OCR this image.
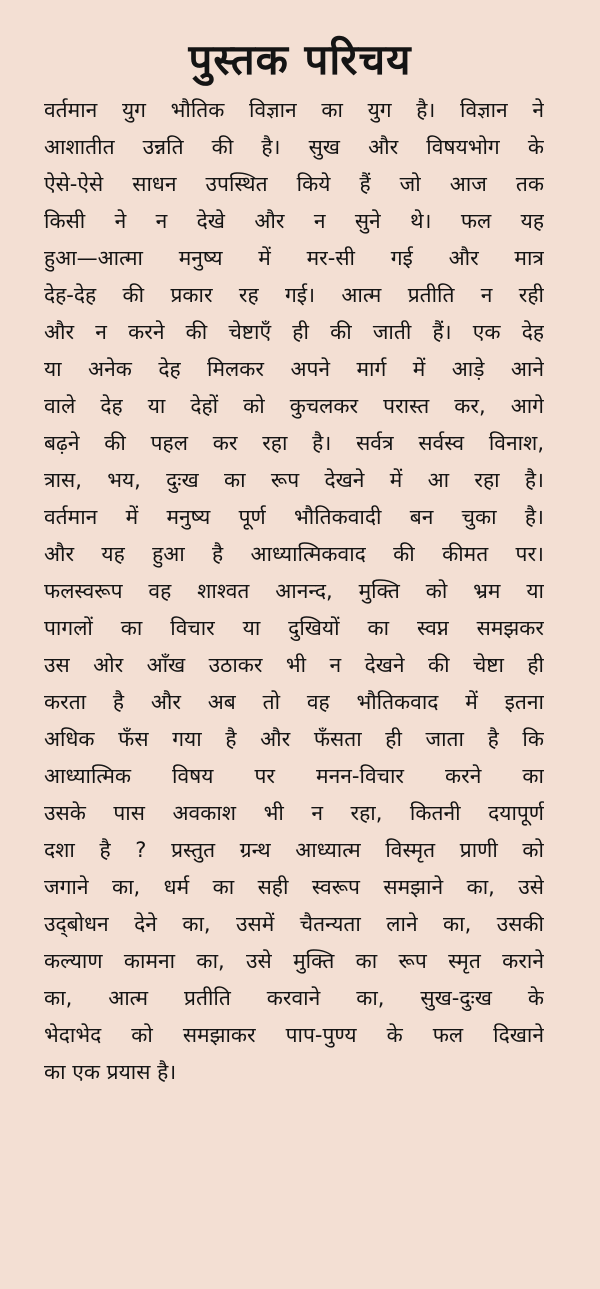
पुस्तक परिचय
वर्तमान युग भौतिक विज्ञान का युग है। विज्ञान ने
आशातीत उन्नति की है। सुख और विषयभोग के
ऐसे-ऐसे साधन उपस्थित किये हैं जो आज तक
किसी ने न देखे और न सुने थे। फल यह
हुआ—आत्मा मनुष्य में मर-सी गई और मात्र
देह-देह की प्रकार रह गई। आत्म प्रतीति न रही
और न करने की चेष्टाएँ ही की जाती हैं। एक देह
या अनेक देह मिलकर अपने मार्ग में आड़े आने
वाले देह या देहों को कुचलकर परास्त कर, आगे
बढ़ने की पहल कर रहा है। सर्वत्र सर्वस्व विनाश,
त्रास, भय, दुःख का रूप देखने में आ रहा है।
वर्तमान में मनुष्य पूर्ण भौतिकवादी बन चुका है।
और यह हुआ है आध्यात्मिकवाद की कीमत पर।
फलस्वरूप वह शाश्वत आनन्द, मुक्ति को भ्रम या
पागलों का विचार या दुखियों का स्वप्न समझकर
उस ओर आँख उठाकर भी न देखने की चेष्टा ही
करता है और अब तो वह भौतिकवाद में इतना
अधिक फँस गया है और फँसता ही जाता है कि
आध्यात्मिक विषय पर मनन-विचार करने का
उसके पास अवकाश भी न रहा, कितनी दयापूर्ण
दशा है ? प्रस्तुत ग्रन्थ आध्यात्म विस्मृत प्राणी को
जगाने का, धर्म का सही स्वरूप समझाने का, उसे
उद्‌बोधन देने का, उसमें चैतन्यता लाने का, उसकी
कल्याण कामना का, उसे मुक्ति का रूप स्मृत कराने
का, आत्म प्रतीति करवाने का, सुख-दुःख के
भेदाभेद को समझाकर पाप-पुण्य के फल दिखाने
का एक प्रयास है।
